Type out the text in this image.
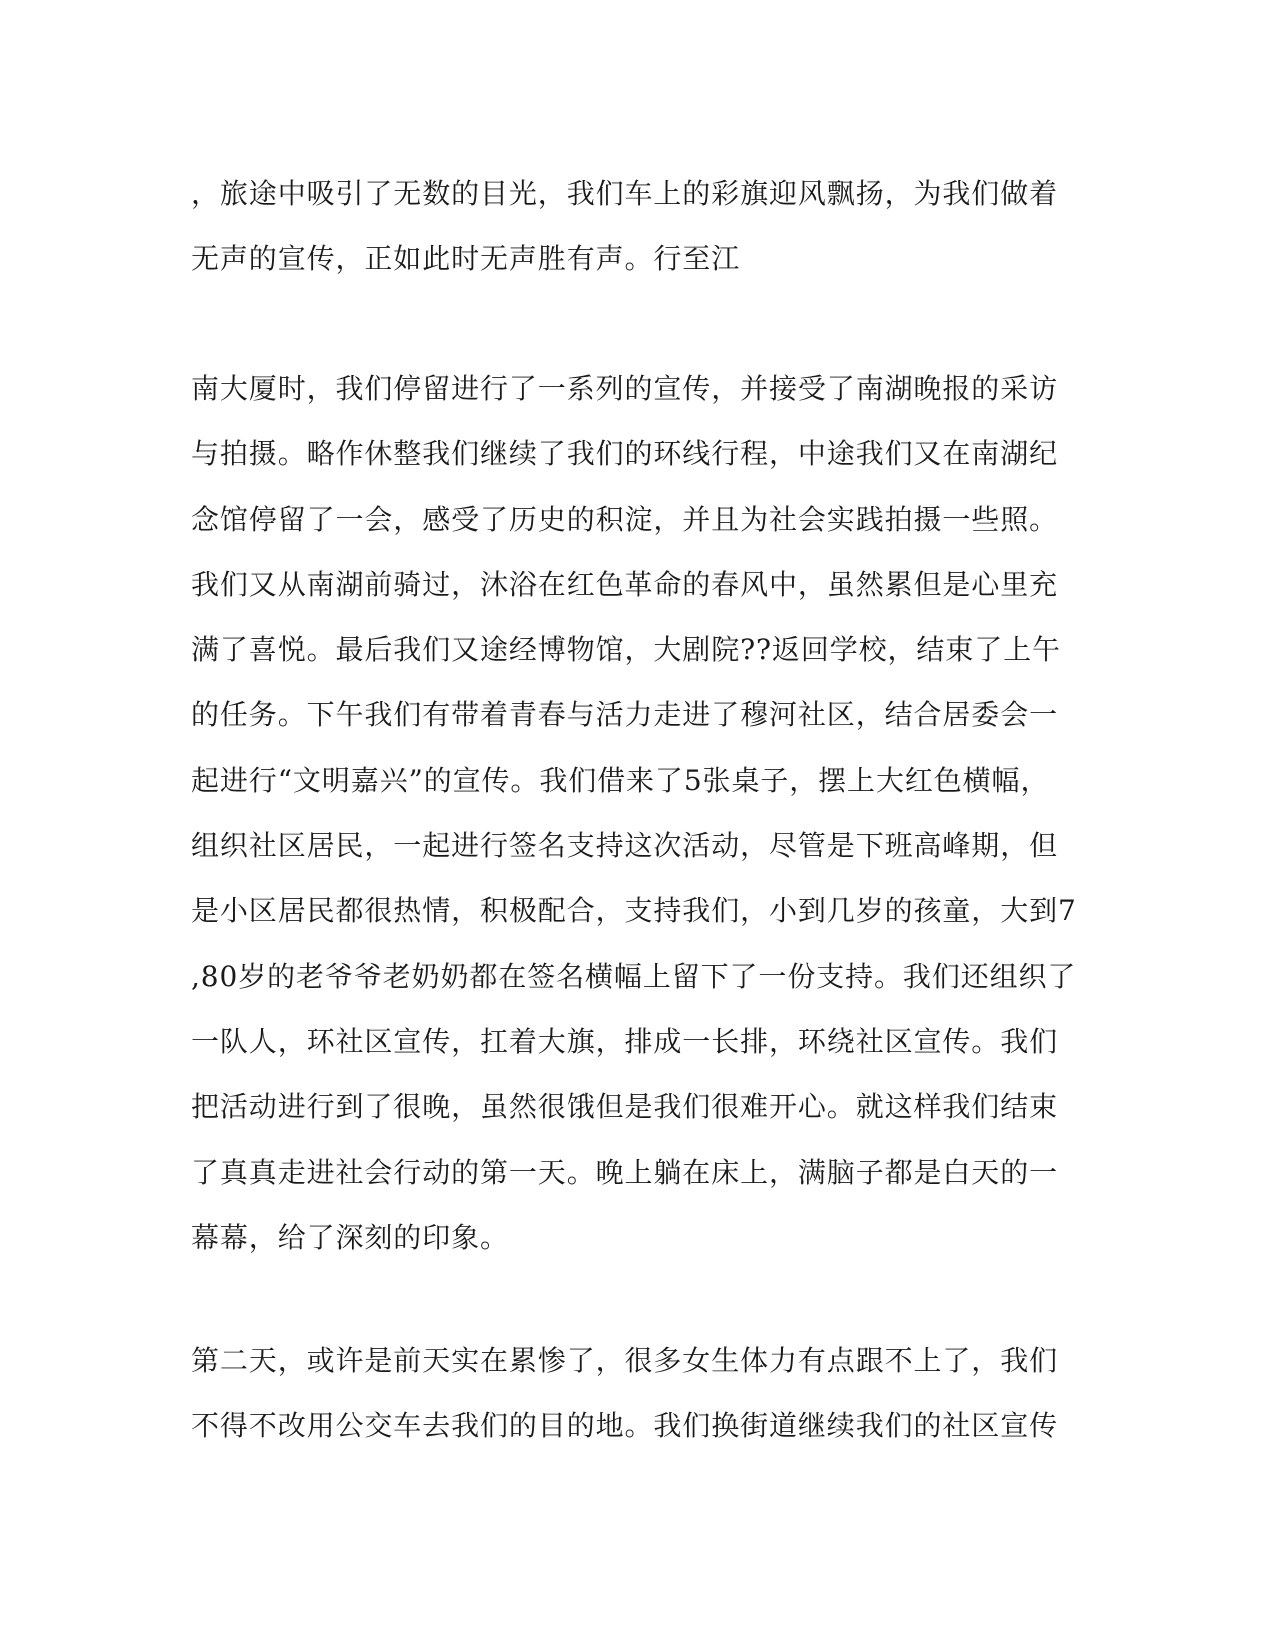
，旅途中吸引了无数的目光，我们车上的彩旗迎风飘扬，为我们做着
无声的宣传，正如此时无声胜有声。行至江
南大厦时，我们停留进行了一系列的宣传，并接受了南湖晚报的采访
与拍摄。略作休整我们继续了我们的环线行程，中途我们又在南湖纪
念馆停留了一会，感受了历史的积淀，并且为社会实践拍摄一些照。
我们又从南湖前骑过，沐浴在红色革命的春风中，虽然累但是心里充
满了喜悦。最后我们又途经博物馆，大剧院??返回学校，结束了上午
的任务。下午我们有带着青春与活力走进了穆河社区，结合居委会一
起进行“文明嘉兴”的宣传。我们借来了5张桌子，摆上大红色横幅，
组织社区居民，一起进行签名支持这次活动，尽管是下班高峰期，但
是小区居民都很热情，积极配合，支持我们，小到几岁的孩童，大到7
,80岁的老爷爷老奶奶都在签名横幅上留下了一份支持。我们还组织了
一队人，环社区宣传，扛着大旗，排成一长排，环绕社区宣传。我们
把活动进行到了很晚，虽然很饿但是我们很难开心。就这样我们结束
了真真走进社会行动的第一天。晚上躺在床上，满脑子都是白天的一
幕幕，给了深刻的印象。
第二天，或许是前天实在累惨了，很多女生体力有点跟不上了，我们
不得不改用公交车去我们的目的地。我们换街道继续我们的社区宣传
